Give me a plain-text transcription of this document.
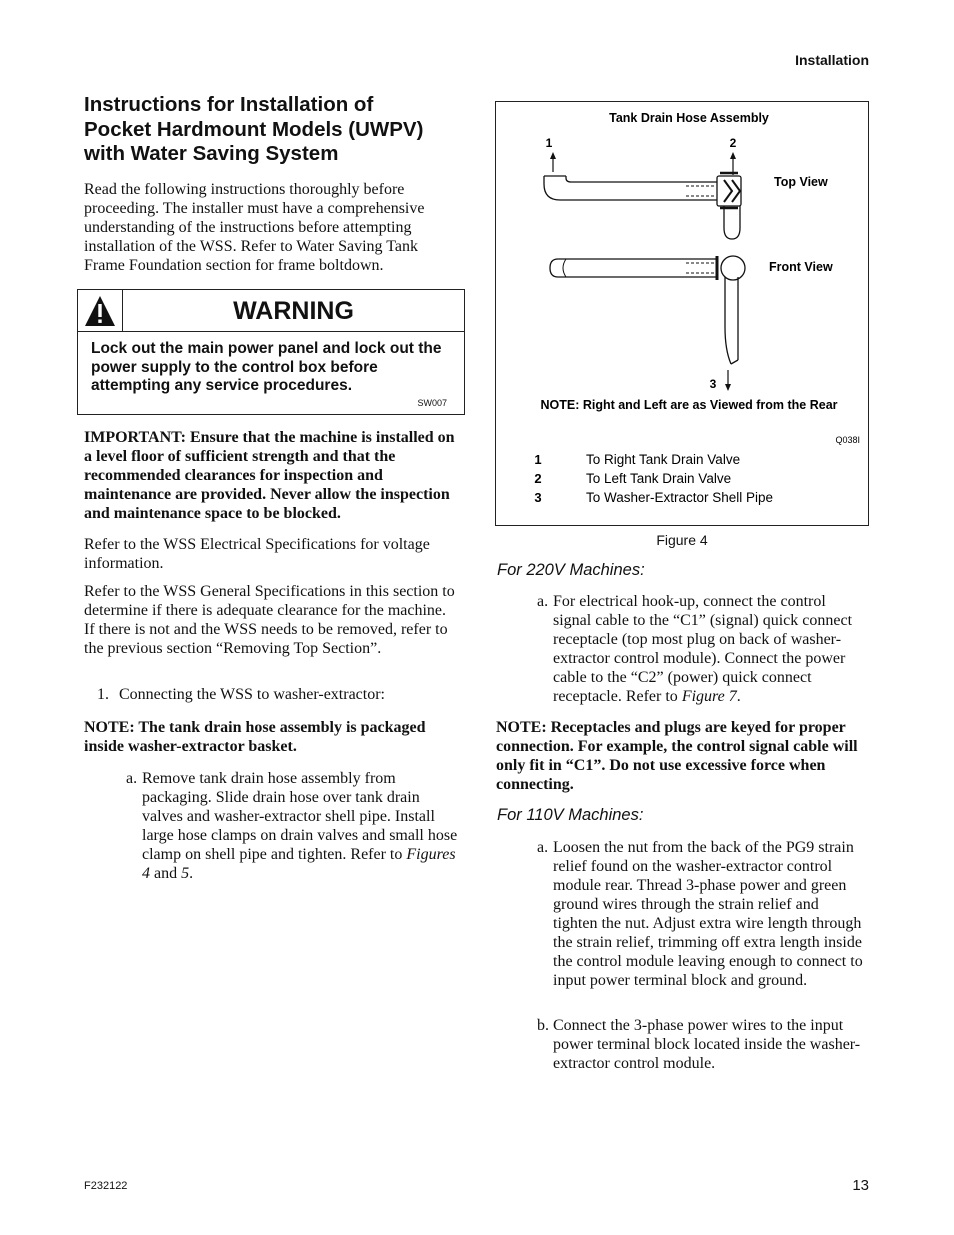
Installation
Instructions for Installation of
Pocket Hardmount Models (UWPV)
with Water Saving System

Read the following instructions thoroughly before proceeding. The installer must have a comprehensive understanding of the instructions before attempting installation of the WSS. Refer to Water Saving Tank Frame Foundation section for frame boltdown.

WARNING
Lock out the main power panel and lock out the power supply to the control box before attempting any service procedures.
SW007

IMPORTANT: Ensure that the machine is installed on a level floor of sufficient strength and that the recommended clearances for inspection and maintenance are provided. Never allow the inspection and maintenance space to be blocked.

Refer to the WSS Electrical Specifications for voltage information.

Refer to the WSS General Specifications in this section to determine if there is adequate clearance for the machine. If there is not and the WSS needs to be removed, refer to the previous section “Removing Top Section”.

1. Connecting the WSS to washer-extractor:

NOTE: The tank drain hose assembly is packaged inside washer-extractor basket.

a. Remove tank drain hose assembly from packaging. Slide drain hose over tank drain valves and washer-extractor shell pipe. Install large hose clamps on drain valves and small hose clamp on shell pipe and tighten. Refer to Figures 4 and 5.
Tank Drain Hose Assembly
1	2
Top View
Front View
3
NOTE: Right and Left are as Viewed from the Rear
Q038I
1	To Right Tank Drain Valve
2	To Left Tank Drain Valve
3	To Washer-Extractor Shell Pipe
Figure 4
For 220V Machines:
a. For electrical hook-up, connect the control signal cable to the “C1” (signal) quick connect receptacle (top most plug on back of washer-extractor control module). Connect the power cable to the “C2” (power) quick connect receptacle. Refer to Figure 7.

NOTE: Receptacles and plugs are keyed for proper connection. For example, the control signal cable will only fit in “C1”. Do not use excessive force when connecting.

For 110V Machines:
a. Loosen the nut from the back of the PG9 strain relief found on the washer-extractor control module rear. Thread 3-phase power and green ground wires through the strain relief and tighten the nut. Adjust extra wire length through the strain relief, trimming off extra length inside the control module leaving enough to connect to input power terminal block and ground.
b. Connect the 3-phase power wires to the input power terminal block located inside the washer-extractor control module.
F232122	13
